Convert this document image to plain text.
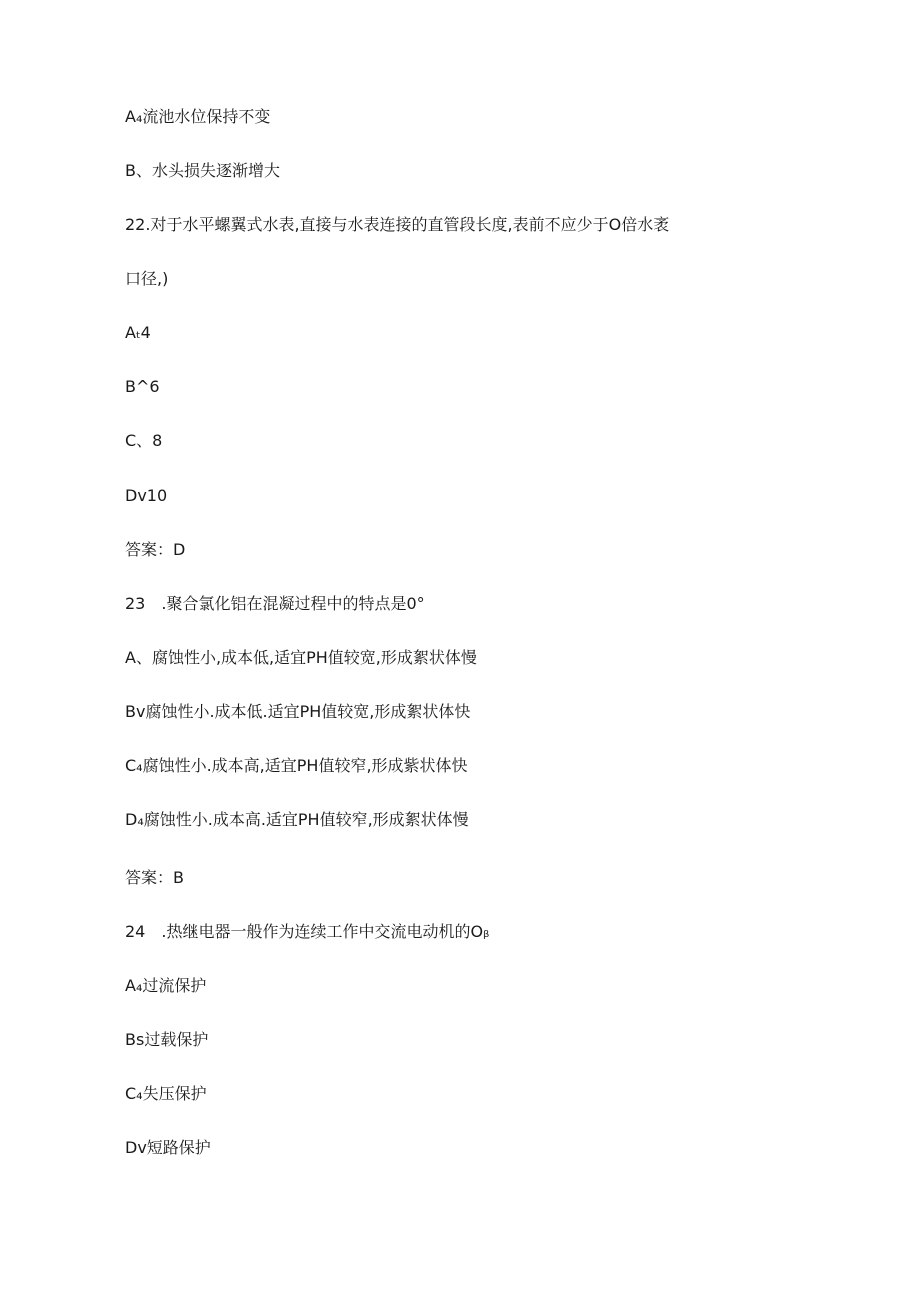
A₄流池水位保持不变
B、水头损失逐渐增大
22.对于水平螺翼式水表,直接与水表连接的直管段长度,表前不应少于O倍水袤
口径,)
Aₜ4
B^6
C、8
Dv10
答案：D
23　.聚合氯化铝在混凝过程中的特点是0°
A、腐蚀性小,成本低,适宜PH值较宽,形成絮状体慢
Bv腐蚀性小.成本低.适宜PH值较宽,形成絮状体快
C₄腐蚀性小.成本高,适宜PH值较窄,形成紫状体快
D₄腐蚀性小.成本高.适宜PH值较窄,形成絮状体慢
答案：B
24　.热继电器一般作为连续工作中交流电动机的Oᵦ
A₄过流保护
Bs过载保护
C₄失压保护
Dv短路保护
